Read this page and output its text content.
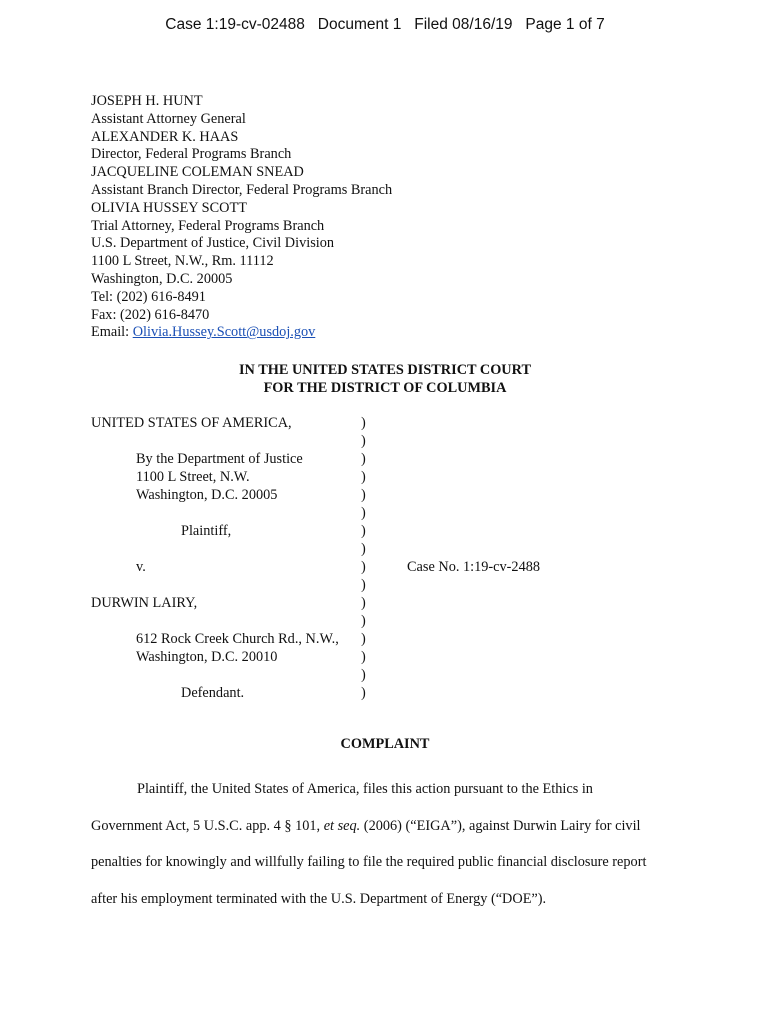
Case 1:19-cv-02488   Document 1   Filed 08/16/19   Page 1 of 7
JOSEPH H. HUNT
Assistant Attorney General
ALEXANDER K. HAAS
Director, Federal Programs Branch
JACQUELINE COLEMAN SNEAD
Assistant Branch Director, Federal Programs Branch
OLIVIA HUSSEY SCOTT
Trial Attorney, Federal Programs Branch
U.S. Department of Justice, Civil Division
1100 L Street, N.W., Rm. 11112
Washington, D.C. 20005
Tel: (202) 616-8491
Fax: (202) 616-8470
Email: Olivia.Hussey.Scott@usdoj.gov
IN THE UNITED STATES DISTRICT COURT
FOR THE DISTRICT OF COLUMBIA
UNITED STATES OF AMERICA,	)
)
By the Department of Justice	)
1100 L Street, N.W.	)
Washington, D.C. 20005	)
)
Plaintiff,	)
)
v.	)	Case No. 1:19-cv-2488
)
DURWIN LAIRY,	)
)
612 Rock Creek Church Rd., N.W., )
Washington, D.C. 20010	)
)
Defendant.	)
COMPLAINT
Plaintiff, the United States of America, files this action pursuant to the Ethics in
Government Act, 5 U.S.C. app. 4 § 101, et seq. (2006) (“EIGA”), against Durwin Lairy for civil
penalties for knowingly and willfully failing to file the required public financial disclosure report
after his employment terminated with the U.S. Department of Energy (“DOE”).
